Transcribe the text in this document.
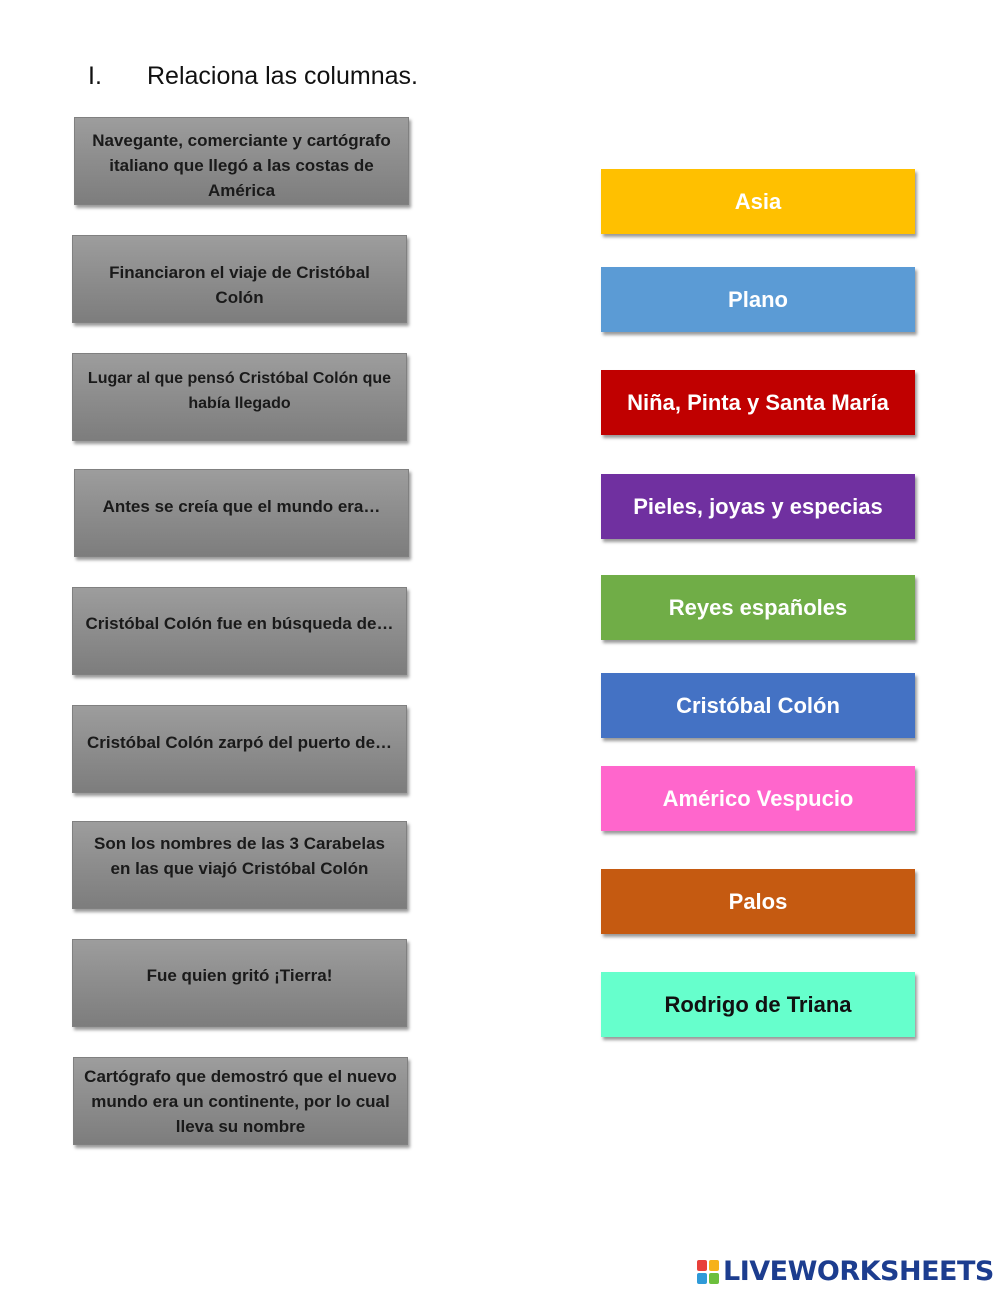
I. Relaciona las columnas.
Navegante, comerciante y cartógrafo italiano que llegó a las costas de América
Financiaron el viaje de Cristóbal Colón
Lugar al que pensó Cristóbal Colón que había llegado
Antes se creía que el mundo era…
Cristóbal Colón fue en búsqueda de…
Cristóbal Colón zarpó del puerto de…
Son los nombres de las 3 Carabelas en las que viajó Cristóbal Colón
Fue quien gritó ¡Tierra!
Cartógrafo que demostró que el nuevo mundo era un continente, por lo cual lleva su nombre
Asia
Plano
Niña, Pinta y Santa María
Pieles, joyas y especias
Reyes españoles
Cristóbal Colón
Américo Vespucio
Palos
Rodrigo de Triana
LIVEWORKSHEETS
